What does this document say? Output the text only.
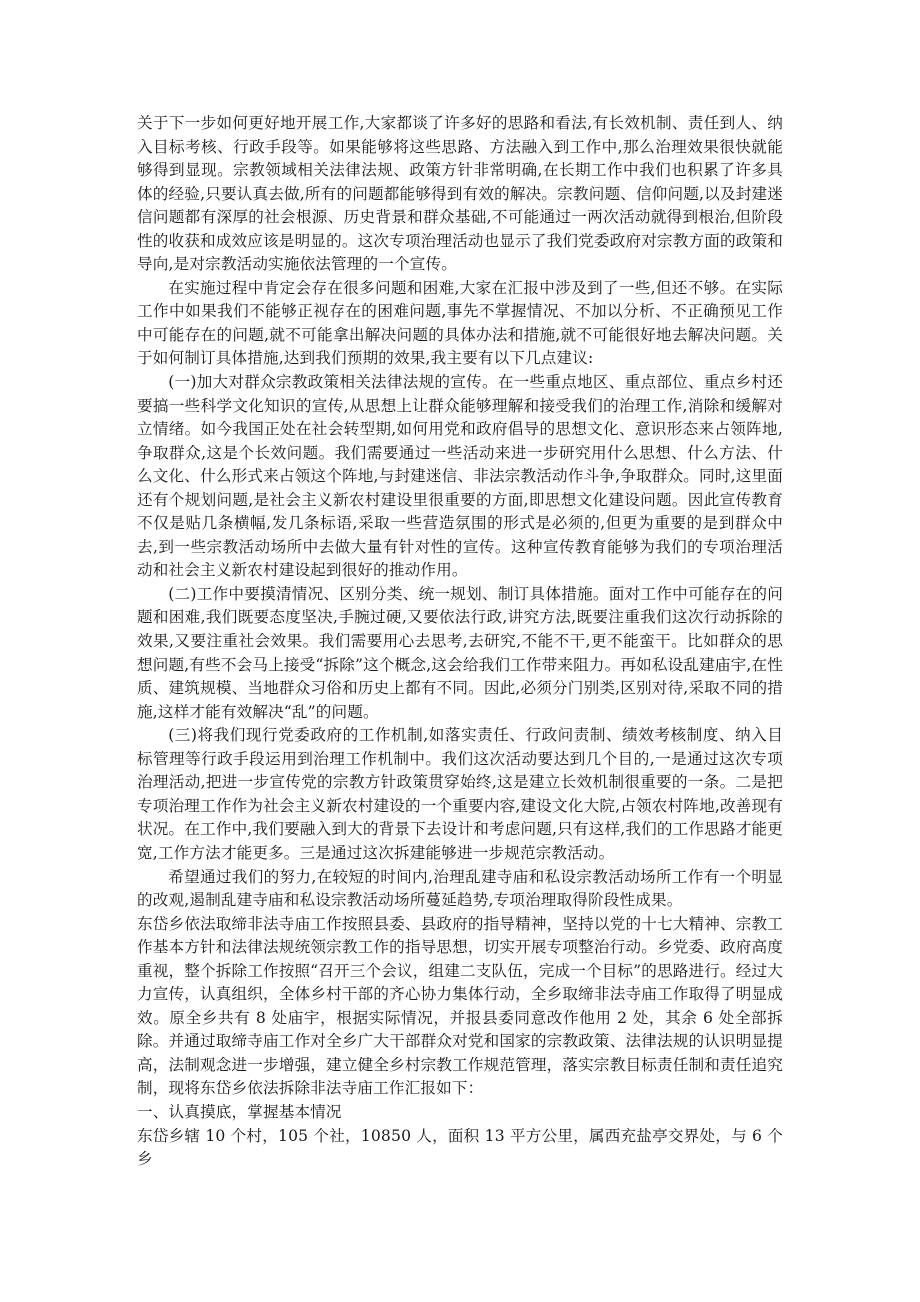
关于下一步如何更好地开展工作,大家都谈了许多好的思路和看法,有长效机制、责任到人、纳入目标考核、行政手段等。如果能够将这些思路、方法融入到工作中,那么治理效果很快就能够得到显现。宗教领域相关法律法规、政策方针非常明确,在长期工作中我们也积累了许多具体的经验,只要认真去做,所有的问题都能够得到有效的解决。宗教问题、信仰问题,以及封建迷信问题都有深厚的社会根源、历史背景和群众基础,不可能通过一两次活动就得到根治,但阶段性的收获和成效应该是明显的。这次专项治理活动也显示了我们党委政府对宗教方面的政策和导向,是对宗教活动实施依法管理的一个宣传。

在实施过程中肯定会存在很多问题和困难,大家在汇报中涉及到了一些,但还不够。在实际工作中如果我们不能够正视存在的困难问题,事先不掌握情况、不加以分析、不正确预见工作中可能存在的问题,就不可能拿出解决问题的具体办法和措施,就不可能很好地去解决问题。关于如何制订具体措施,达到我们预期的效果,我主要有以下几点建议:

(一)加大对群众宗教政策相关法律法规的宣传。在一些重点地区、重点部位、重点乡村还要搞一些科学文化知识的宣传,从思想上让群众能够理解和接受我们的治理工作,消除和缓解对立情绪。如今我国正处在社会转型期,如何用党和政府倡导的思想文化、意识形态来占领阵地,争取群众,这是个长效问题。我们需要通过一些活动来进一步研究用什么思想、什么方法、什么文化、什么形式来占领这个阵地,与封建迷信、非法宗教活动作斗争,争取群众。同时,这里面还有个规划问题,是社会主义新农村建设里很重要的方面,即思想文化建设问题。因此宣传教育不仅是贴几条横幅,发几条标语,采取一些营造氛围的形式是必须的,但更为重要的是到群众中去,到一些宗教活动场所中去做大量有针对性的宣传。这种宣传教育能够为我们的专项治理活动和社会主义新农村建设起到很好的推动作用。

(二)工作中要摸清情况、区别分类、统一规划、制订具体措施。面对工作中可能存在的问题和困难,我们既要态度坚决,手腕过硬,又要依法行政,讲究方法,既要注重我们这次行动拆除的效果,又要注重社会效果。我们需要用心去思考,去研究,不能不干,更不能蛮干。比如群众的思想问题,有些不会马上接受“拆除”这个概念,这会给我们工作带来阻力。再如私设乱建庙宇,在性质、建筑规模、当地群众习俗和历史上都有不同。因此,必须分门别类,区别对待,采取不同的措施,这样才能有效解决“乱”的问题。

(三)将我们现行党委政府的工作机制,如落实责任、行政问责制、绩效考核制度、纳入目标管理等行政手段运用到治理工作机制中。我们这次活动要达到几个目的,一是通过这次专项治理活动,把进一步宣传党的宗教方针政策贯穿始终,这是建立长效机制很重要的一条。二是把专项治理工作作为社会主义新农村建设的一个重要内容,建设文化大院,占领农村阵地,改善现有状况。在工作中,我们要融入到大的背景下去设计和考虑问题,只有这样,我们的工作思路才能更宽,工作方法才能更多。三是通过这次拆建能够进一步规范宗教活动。

希望通过我们的努力,在较短的时间内,治理乱建寺庙和私设宗教活动场所工作有一个明显的改观,遏制乱建寺庙和私设宗教活动场所蔓延趋势,专项治理取得阶段性成果。

东岱乡依法取缔非法寺庙工作按照县委、县政府的指导精神，坚持以党的十七大精神、宗教工作基本方针和法律法规统领宗教工作的指导思想，切实开展专项整治行动。乡党委、政府高度重视，整个拆除工作按照“召开三个会议，组建二支队伍，完成一个目标”的思路进行。经过大力宣传，认真组织，全体乡村干部的齐心协力集体行动，全乡取缔非法寺庙工作取得了明显成效。原全乡共有 8 处庙宇，根据实际情况，并报县委同意改作他用 2 处，其余 6 处全部拆除。并通过取缔寺庙工作对全乡广大干部群众对党和国家的宗教政策、法律法规的认识明显提高，法制观念进一步增强，建立健全乡村宗教工作规范管理，落实宗教目标责任制和责任追究制，现将东岱乡依法拆除非法寺庙工作汇报如下：

一、认真摸底，掌握基本情况

东岱乡辖 10 个村，105 个社，10850 人，面积 13 平方公里，属西充盐亭交界处，与 6 个乡
